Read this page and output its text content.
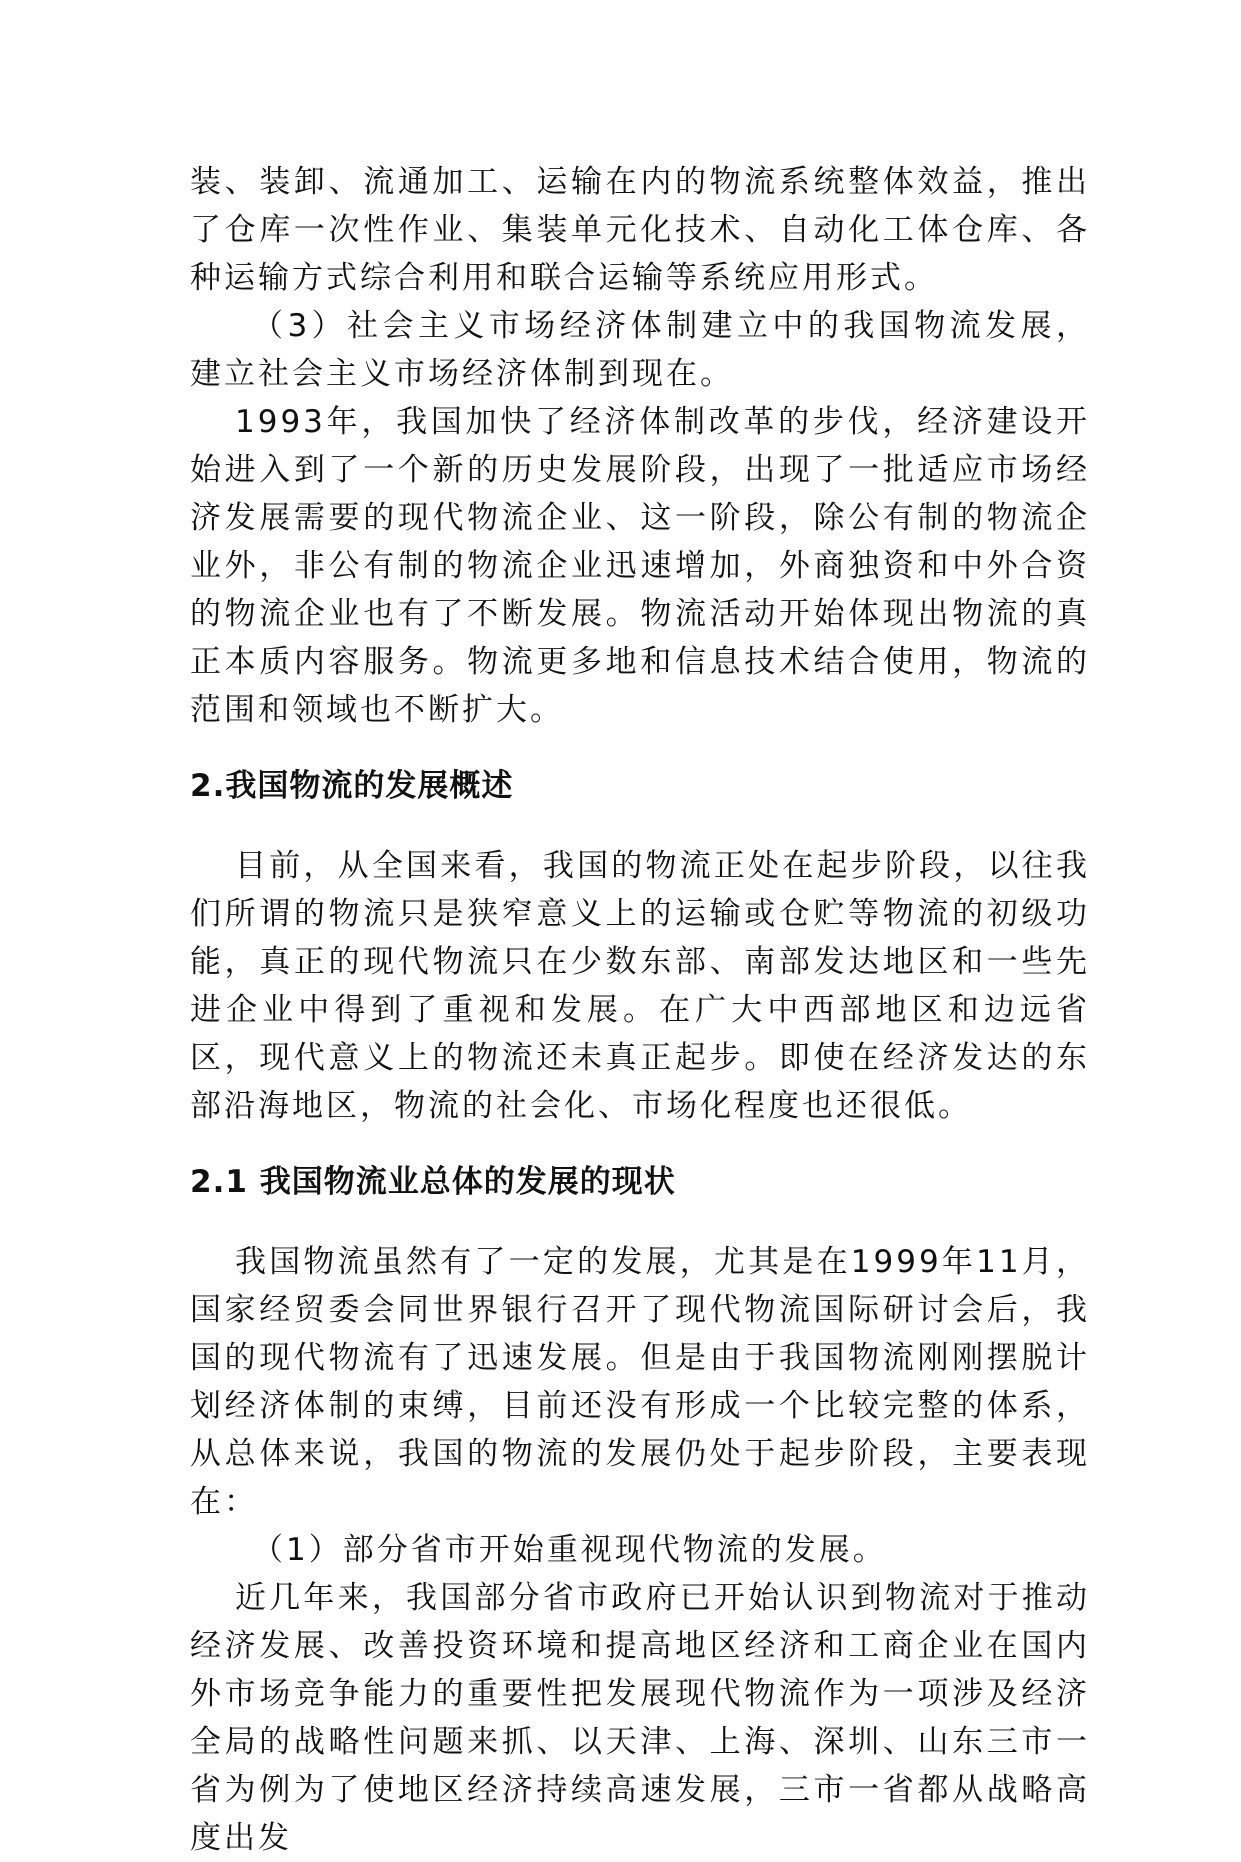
装、装卸、流通加工、运输在内的物流系统整体效益，推出了仓库一次性作业、集装单元化技术、自动化工体仓库、各种运输方式综合利用和联合运输等系统应用形式。

（3）社会主义市场经济体制建立中的我国物流发展，建立社会主义市场经济体制到现在。

1993年，我国加快了经济体制改革的步伐，经济建设开始进入到了一个新的历史发展阶段，出现了一批适应市场经济发展需要的现代物流企业、这一阶段，除公有制的物流企业外，非公有制的物流企业迅速增加，外商独资和中外合资的物流企业也有了不断发展。物流活动开始体现出物流的真正本质内容服务。物流更多地和信息技术结合使用，物流的范围和领域也不断扩大。

2.我国物流的发展概述

目前，从全国来看，我国的物流正处在起步阶段，以往我们所谓的物流只是狭窄意义上的运输或仓贮等物流的初级功能，真正的现代物流只在少数东部、南部发达地区和一些先进企业中得到了重视和发展。在广大中西部地区和边远省区，现代意义上的物流还未真正起步。即使在经济发达的东部沿海地区，物流的社会化、市场化程度也还很低。

2.1 我国物流业总体的发展的现状

我国物流虽然有了一定的发展，尤其是在1999年11月，国家经贸委会同世界银行召开了现代物流国际研讨会后，我国的现代物流有了迅速发展。但是由于我国物流刚刚摆脱计划经济体制的束缚，目前还没有形成一个比较完整的体系，从总体来说，我国的物流的发展仍处于起步阶段，主要表现在：

（1）部分省市开始重视现代物流的发展。

近几年来，我国部分省市政府已开始认识到物流对于推动经济发展、改善投资环境和提高地区经济和工商企业在国内外市场竞争能力的重要性把发展现代物流作为一项涉及经济全局的战略性问题来抓、以天津、上海、深圳、山东三市一省为例为了使地区经济持续高速发展，三市一省都从战略高度出发
